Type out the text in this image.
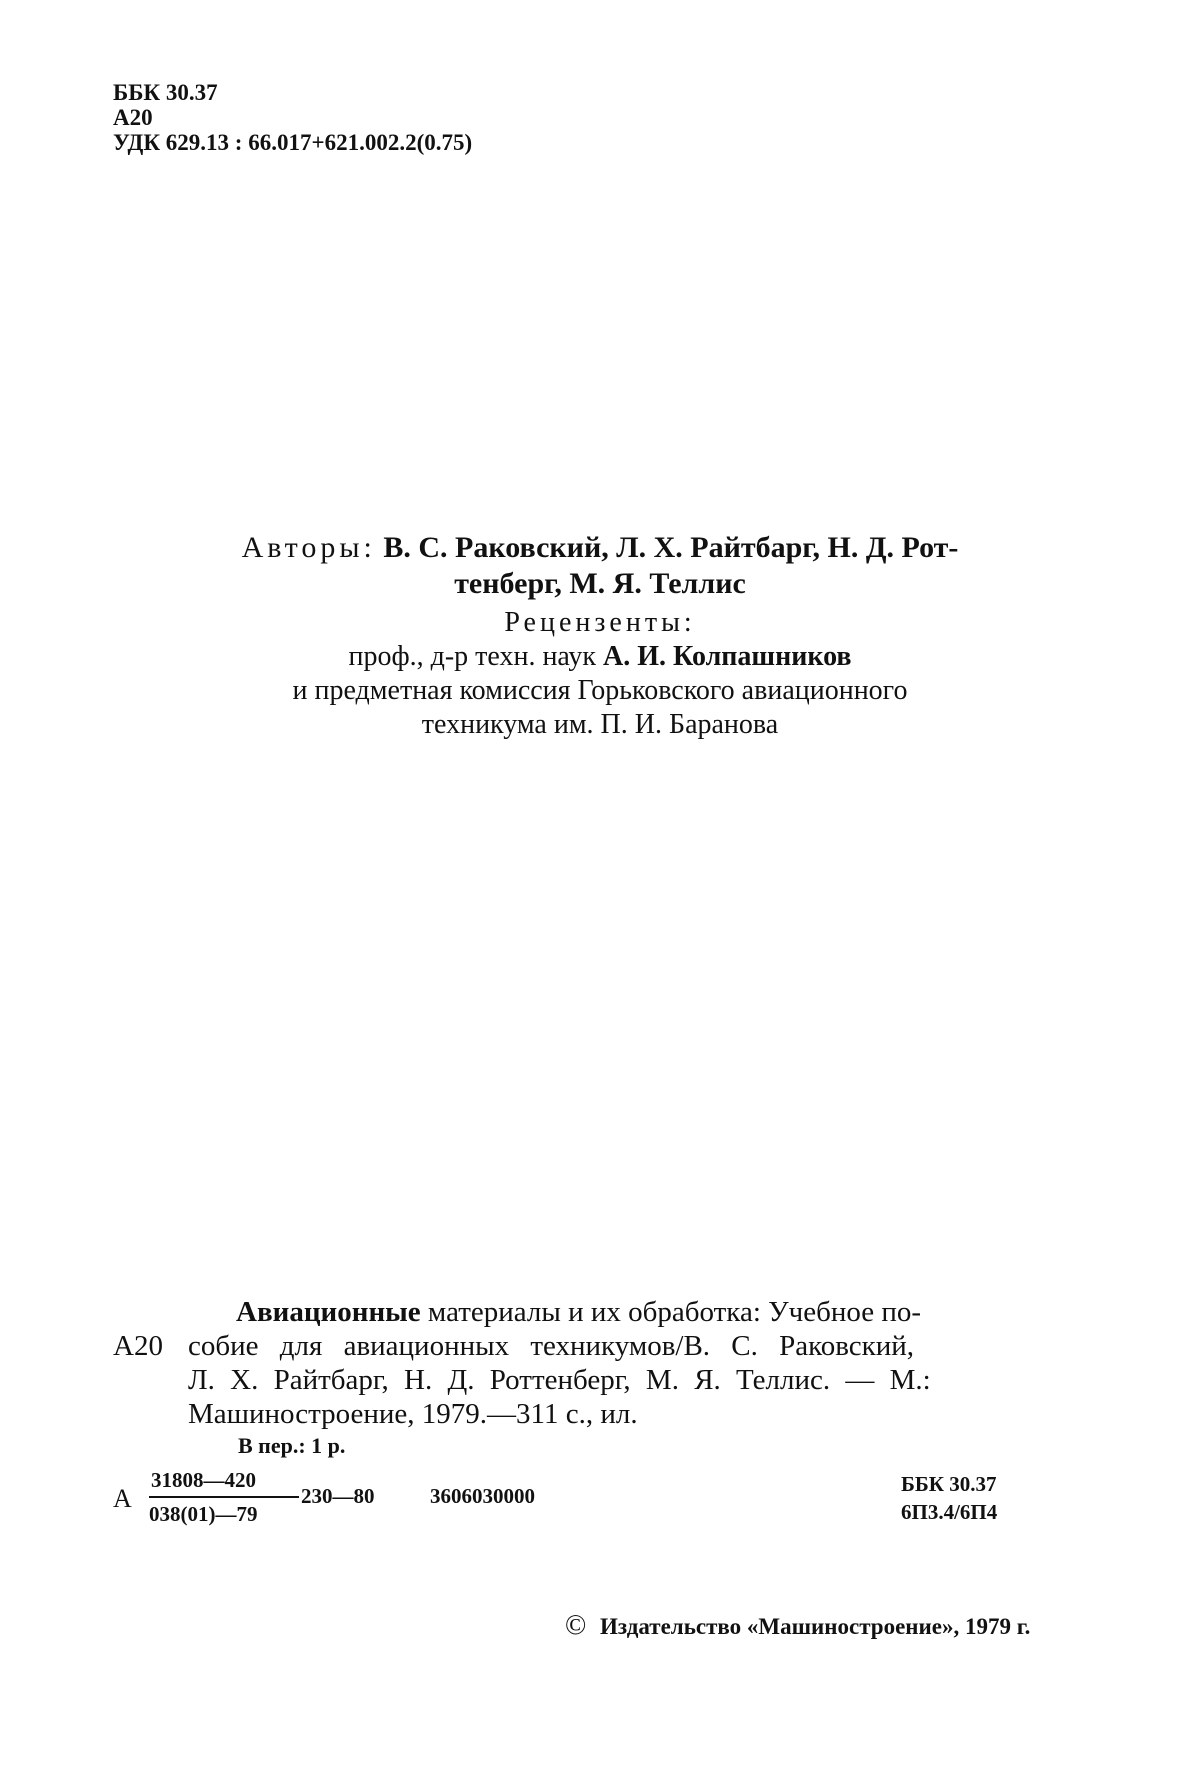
ББК 30.37
А20
УДК 629.13 : 66.017+621.002.2(0.75)
Авторы: В. С. Раковский, Л. Х. Райтбарг, Н. Д. Рот-
тенберг, М. Я. Теллис
Рецензенты:
проф., д-р техн. наук А. И. Колпашников
и предметная комиссия Горьковского авиационного
техникума им. П. И. Баранова
Авиационные материалы и их обработка: Учебное по-
А20 собие для авиационных техникумов/В. С. Раковский,
Л. Х. Райтбарг, Н. Д. Роттенберг, М. Я. Теллис. — М.:
Машиностроение, 1979.—311 с., ил.
В пер.: 1 р.
А
31808—420
038(01)—79
230—80	3606030000	ББК 30.37
6П3.4/6П4
© Издательство «Машиностроение», 1979 г.
